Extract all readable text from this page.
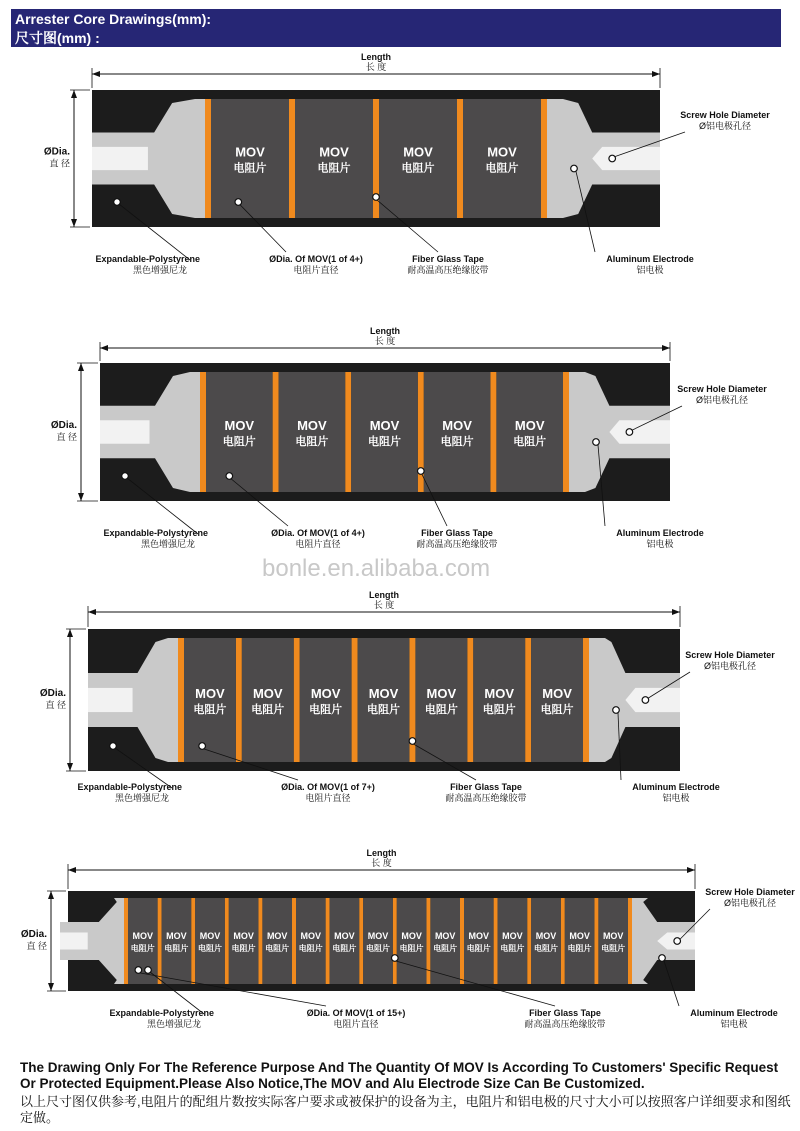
Arrester Core Drawings(mm):
尺寸图(mm) :
MOV
电阻片
MOV
电阻片
MOV
电阻片
MOV
电阻片
Length
长 度
ØDia.
直 径
Expandable-Polystyrene
黑色增强尼龙
ØDia. Of MOV(1 of 4+)
电阻片直径
Fiber Glass Tape
耐高温高压绝缘胶带
Aluminum Electrode
铝电极
Screw Hole Diameter
Ø铝电极孔径
MOV
电阻片
MOV
电阻片
MOV
电阻片
MOV
电阻片
MOV
电阻片
Length
长 度
ØDia.
直 径
Expandable-Polystyrene
黑色增强尼龙
ØDia. Of MOV(1 of 4+)
电阻片直径
Fiber Glass Tape
耐高温高压绝缘胶带
Aluminum Electrode
铝电极
Screw Hole Diameter
Ø铝电极孔径
MOV
电阻片
MOV
电阻片
MOV
电阻片
MOV
电阻片
MOV
电阻片
MOV
电阻片
MOV
电阻片
Length
长 度
ØDia.
直 径
Expandable-Polystyrene
黑色增强尼龙
ØDia. Of MOV(1 of 7+)
电阻片直径
Fiber Glass Tape
耐高温高压绝缘胶带
Aluminum Electrode
铝电极
Screw Hole Diameter
Ø铝电极孔径
MOV
电阻片
MOV
电阻片
MOV
电阻片
MOV
电阻片
MOV
电阻片
MOV
电阻片
MOV
电阻片
MOV
电阻片
MOV
电阻片
MOV
电阻片
MOV
电阻片
MOV
电阻片
MOV
电阻片
MOV
电阻片
MOV
电阻片
Length
长 度
ØDia.
直 径
Expandable-Polystyrene
黑色增强尼龙
ØDia. Of MOV(1 of 15+)
电阻片直径
Fiber Glass Tape
耐高温高压绝缘胶带
Aluminum Electrode
铝电极
Screw Hole Diameter
Ø铝电极孔径
bonle.en.alibaba.com
The Drawing Only For The Reference Purpose And The Quantity Of MOV Is According To Customers' Specific Request Or Protected Equipment.Please Also Notice,The MOV and Alu Electrode Size Can Be Customized.
以上尺寸图仅供参考,电阻片的配组片数按实际客户要求或被保护的设备为主，电阻片和铝电极的尺寸大小可以按照客户详细要求和图纸定做。
